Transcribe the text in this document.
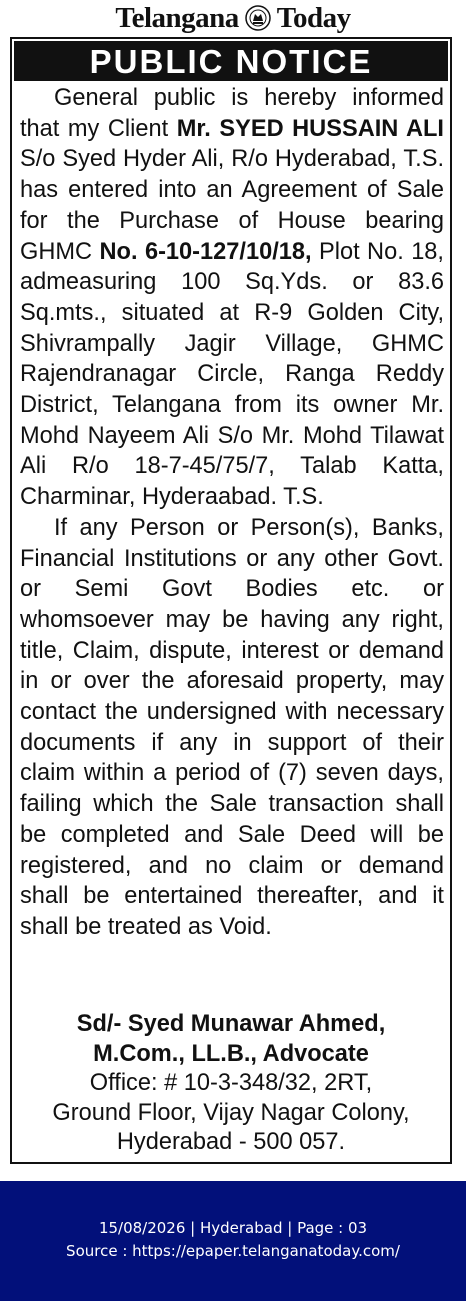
Telangana Today
PUBLIC NOTICE

General public is hereby informed that my Client Mr. SYED HUSSAIN ALI S/o Syed Hyder Ali, R/o Hyderabad, T.S. has entered into an Agreement of Sale for the Purchase of House bearing GHMC No. 6-10-127/10/18, Plot No. 18, admeasuring 100 Sq.Yds. or 83.6 Sq.mts., situated at R-9 Golden City, Shivrampally Jagir Village, GHMC Rajendranagar Circle, Ranga Reddy District, Telangana from its owner Mr. Mohd Nayeem Ali S/o Mr. Mohd Tilawat Ali R/o 18-7-45/75/7, Talab Katta, Charminar, Hyderaabad. T.S.

If any Person or Person(s), Banks, Financial Institutions or any other Govt. or Semi Govt Bodies etc. or whomsoever may be having any right, title, Claim, dispute, interest or demand in or over the aforesaid property, may contact the undersigned with necessary documents if any in support of their claim within a period of (7) seven days, failing which the Sale transaction shall be completed and Sale Deed will be registered, and no claim or demand shall be entertained thereafter, and it shall be treated as Void.

Sd/- Syed Munawar Ahmed,
M.Com., LL.B., Advocate
Office: # 10-3-348/32, 2RT,
Ground Floor, Vijay Nagar Colony,
Hyderabad - 500 057.
15/08/2026 | Hyderabad | Page : 03
Source : https://epaper.telanganatoday.com/
